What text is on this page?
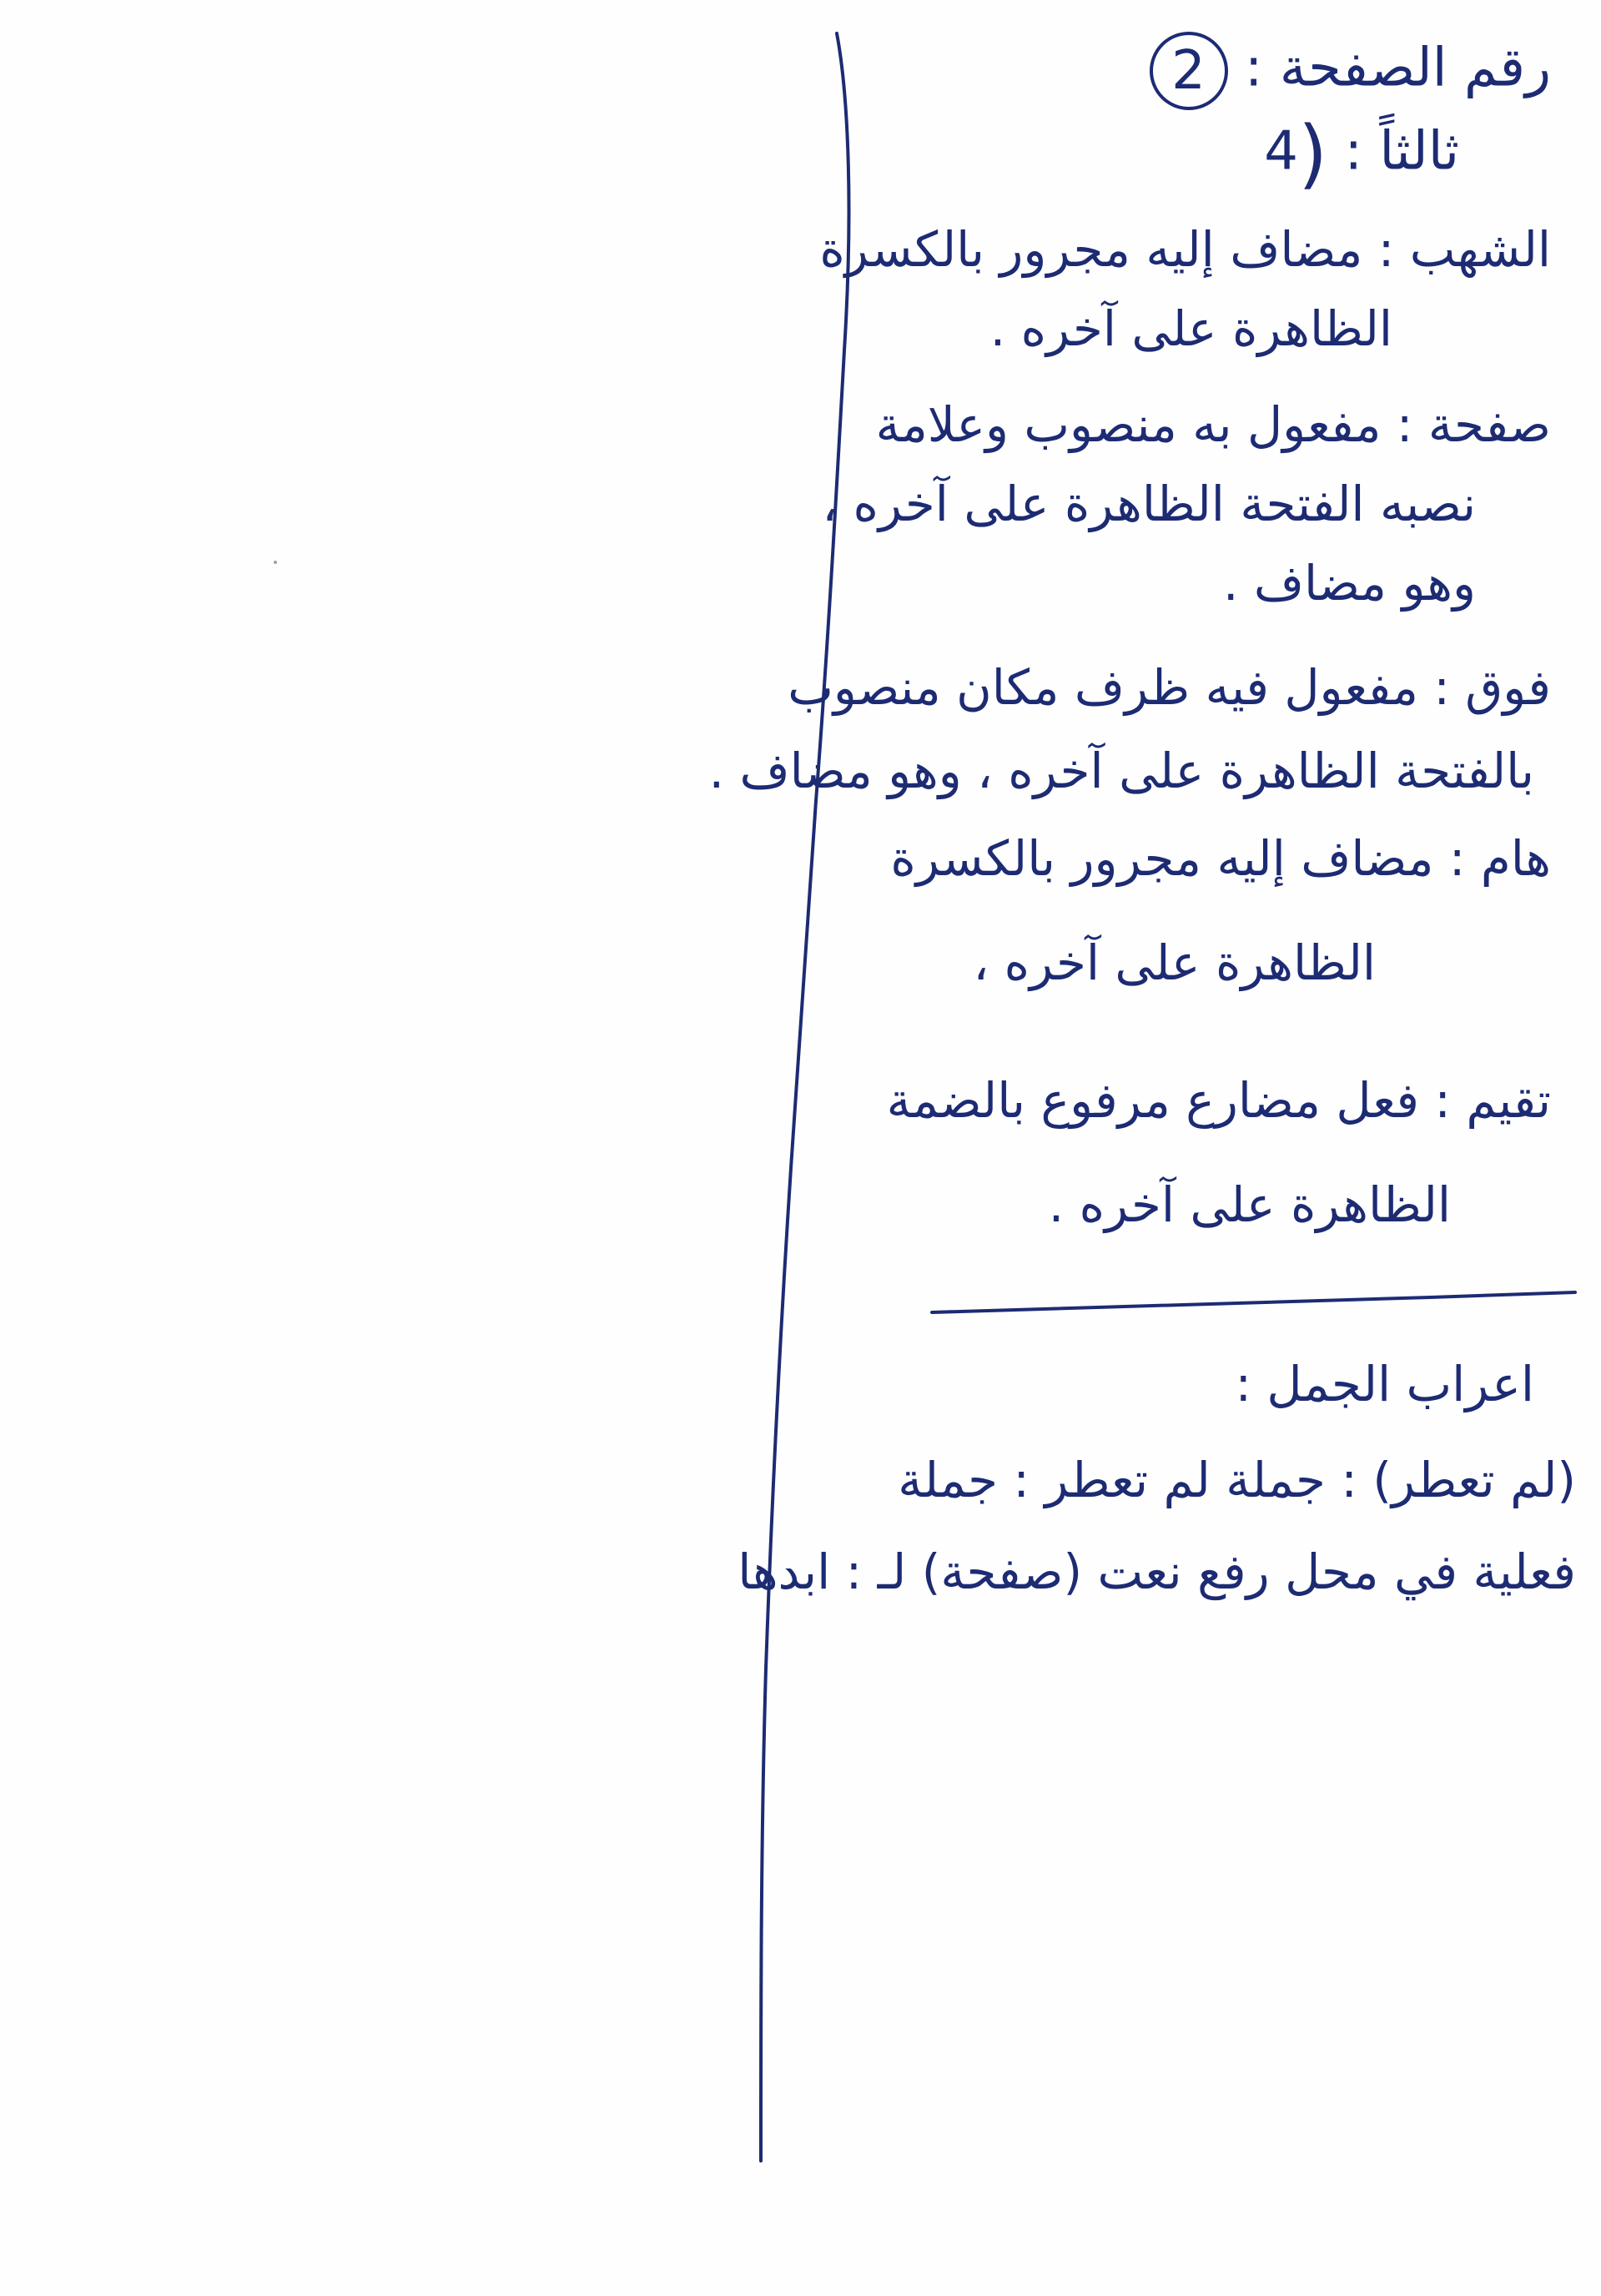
رقم الصفحة : 2
ثالثاً : (4
الشهب : مضاف إليه مجرور بالكسرة
الظاهرة على آخره .
صفحة : مفعول به منصوب وعلامة
نصبه الفتحة الظاهرة على آخره ،
وهو مضاف .
فوق : مفعول فيه ظرف مكان منصوب
بالفتحة الظاهرة على آخره ، وهو مضاف .
هام : مضاف إليه مجرور بالكسرة
الظاهرة على آخره ،
تقيم : فعل مضارع مرفوع بالضمة
الظاهرة على آخره .
اعراب الجمل :
(لم تعطر) : جملة لم تعطر : جملة
فعلية في محل رفع نعت (صفحة) لـ : ابدها
